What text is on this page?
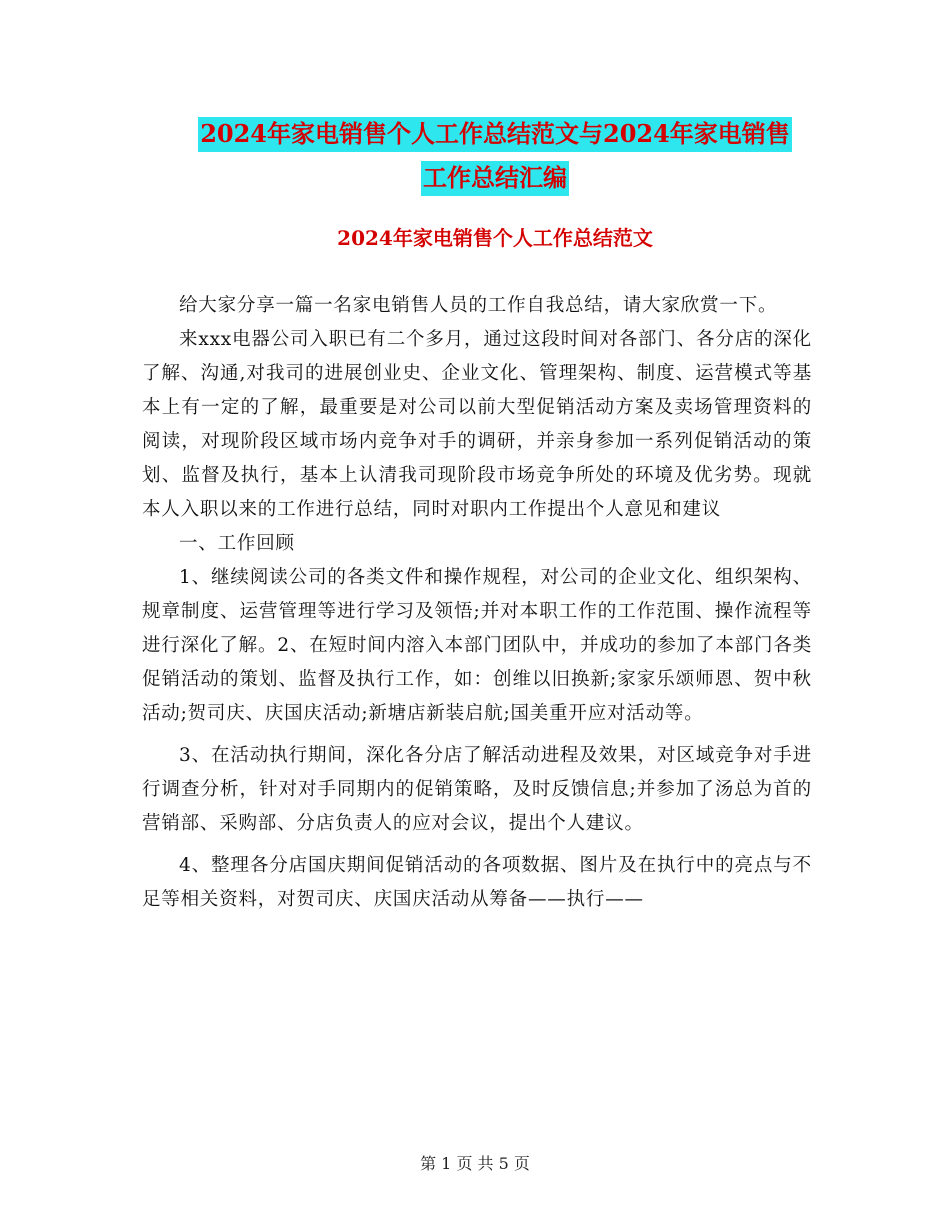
2024年家电销售个人工作总结范文与2024年家电销售
工作总结汇编
2024年家电销售个人工作总结范文

给大家分享一篇一名家电销售人员的工作自我总结，请大家欣赏一下。

来xxx电器公司入职已有二个多月，通过这段时间对各部门、各分店的深化了解、沟通,对我司的进展创业史、企业文化、管理架构、制度、运营模式等基本上有一定的了解，最重要是对公司以前大型促销活动方案及卖场管理资料的阅读，对现阶段区域市场内竞争对手的调研，并亲身参加一系列促销活动的策划、监督及执行，基本上认清我司现阶段市场竞争所处的环境及优劣势。现就本人入职以来的工作进行总结，同时对职内工作提出个人意见和建议

一、工作回顾

1、继续阅读公司的各类文件和操作规程，对公司的企业文化、组织架构、规章制度、运营管理等进行学习及领悟;并对本职工作的工作范围、操作流程等进行深化了解。2、在短时间内溶入本部门团队中，并成功的参加了本部门各类促销活动的策划、监督及执行工作，如：创维以旧换新;家家乐颂师恩、贺中秋活动;贺司庆、庆国庆活动;新塘店新装启航;国美重开应对活动等。

3、在活动执行期间，深化各分店了解活动进程及效果，对区域竞争对手进行调查分析，针对对手同期内的促销策略，及时反馈信息;并参加了汤总为首的营销部、采购部、分店负责人的应对会议，提出个人建议。

4、整理各分店国庆期间促销活动的各项数据、图片及在执行中的亮点与不足等相关资料，对贺司庆、庆国庆活动从筹备——执行——

第 1 页 共 5 页
